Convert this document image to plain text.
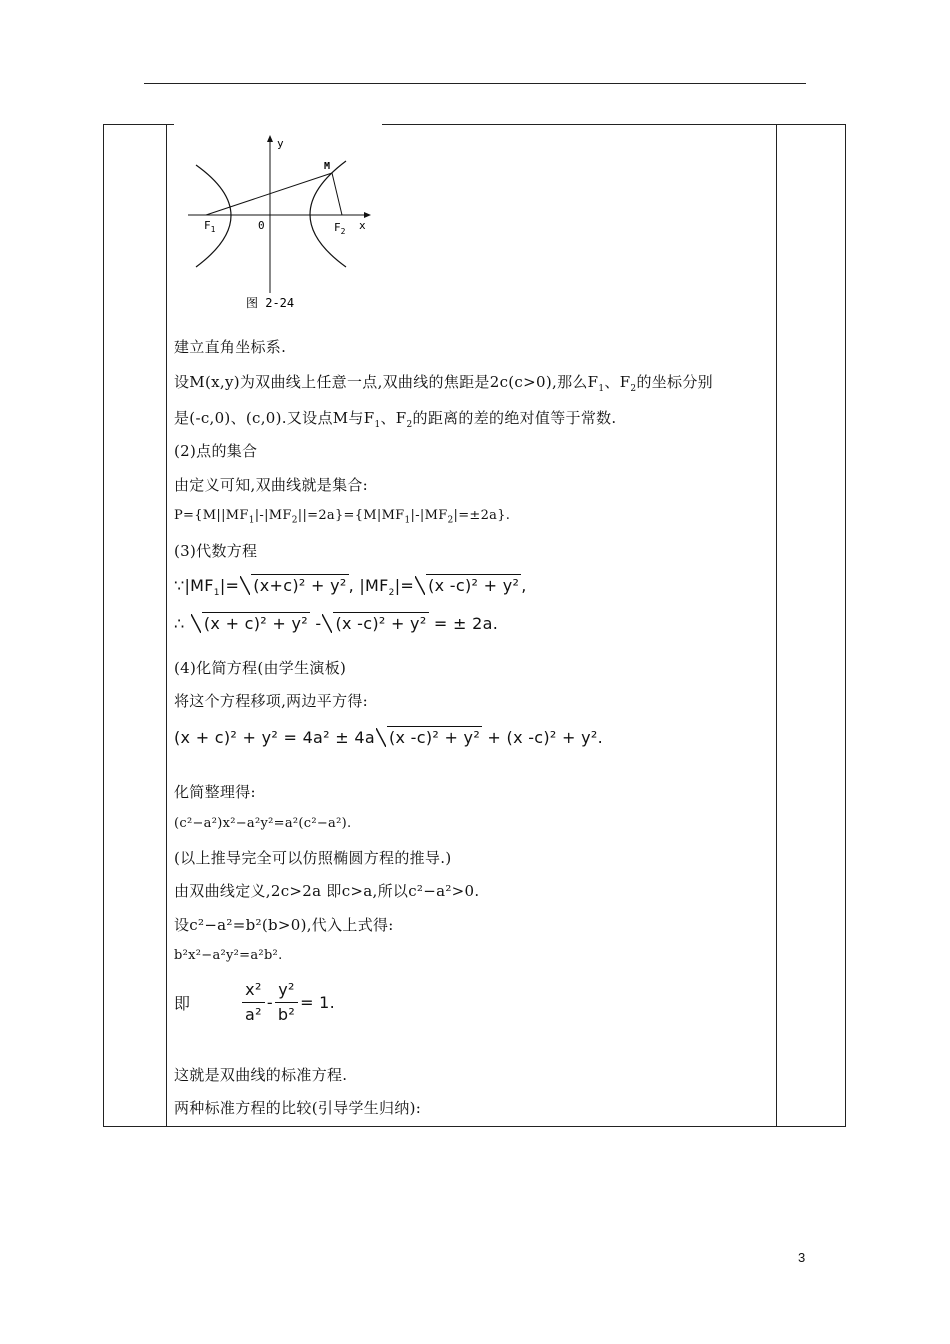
y
x
M
$F_1$	0	$F_2$
图 2-24
建立直角坐标系.
设M(x,y)为双曲线上任意一点,双曲线的焦距是2c(c>0),那么$F_1$、$F_2$的坐标分别
是(-c,0)、(c,0).又设点M与$F_1$、$F_2$的距离的差的绝对值等于常数.
(2)点的集合
由定义可知,双曲线就是集合:
$P=\{M||MF_1|-|MF_2||=2a\}=\{M|MF_1|-|MF_2|=\pm 2a\}$.
(3)代数方程
$\because|MF_1|= (x+c)^2 + y^2$ , $|MF_2|= (x$ -c)² + y² ,
∴ (x + c)² + y² - (x -c)² + y² = ± 2a.
(4)化简方程(由学生演板)
将这个方程移项,两边平方得:
(x + c)² + y² = 4a² ± 4a (x -c)² + y² + (x -c)² + y².
化简整理得:
(c²−a²)x²−a²y²=a²(c²−a²).
(以上推导完全可以仿照椭圆方程的推导.)
由双曲线定义,2c>2a 即c>a,所以c²−a²>0.
设c²−a²=b²(b>0),代入上式得:
b²x²−a²y²=a²b².
即	$\frac{\text{x²}}{\text{a²}} - \frac{\text{y²}}{\text{b²}} = 1$.
这就是双曲线的标准方程.
两种标准方程的比较(引导学生归纳):
3
